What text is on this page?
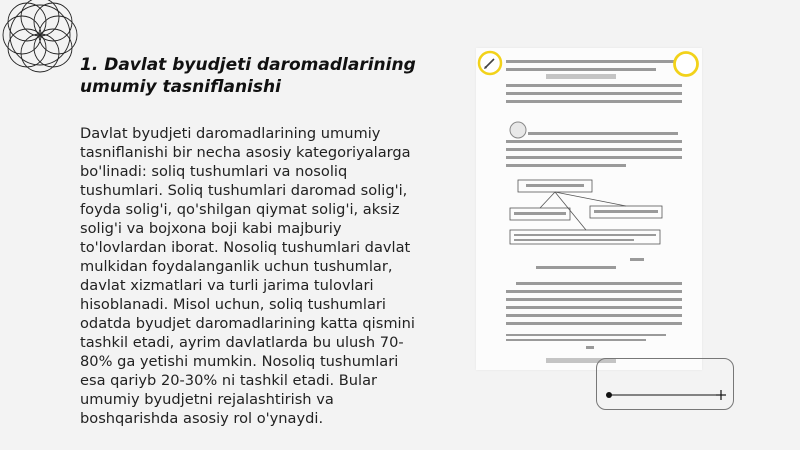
1. Davlat byudjeti daromadlarining umumiy tasniflanishi

Davlat byudjeti daromadlarining umumiy tasniflanishi bir necha asosiy kategoriyalarga bo'linadi: soliq tushumlari va nosoliq tushumlari. Soliq tushumlari daromad solig'i, foyda solig'i, qo'shilgan qiymat solig'i, aksiz solig'i va bojxona boji kabi majburiy to'lovlardan iborat. Nosoliq tushumlari davlat mulkidan foydalanganlik uchun tushumlar, davlat xizmatlari va turli jarima tulovlari hisoblanadi. Misol uchun, soliq tushumlari odatda byudjet daromadlarining katta qismini tashkil etadi, ayrim davlatlarda bu ulush 70-80% ga yetishi mumkin. Nosoliq tushumlari esa qariyb 20-30% ni tashkil etadi. Bular umumiy byudjetni rejalashtirish va boshqarishda asosiy rol o'ynaydi.
